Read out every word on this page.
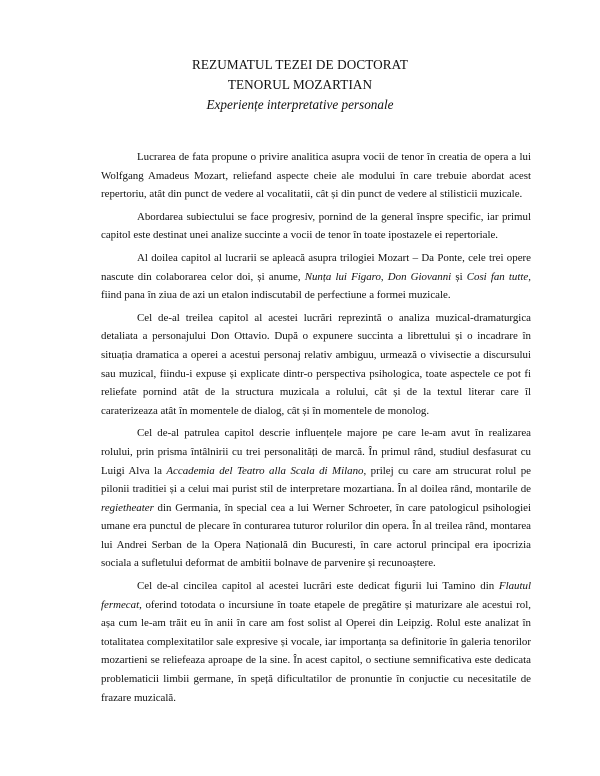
REZUMATUL TEZEI DE DOCTORAT
TENORUL MOZARTIAN
Experiențe interpretative personale

Lucrarea de fata propune o privire analitica asupra vocii de tenor în creatia de opera a lui Wolfgang Amadeus Mozart, reliefand aspecte cheie ale modului în care trebuie abordat acest repertoriu, atât din punct de vedere al vocalitatii, cât și din punct de vedere al stilisticii muzicale.

Abordarea subiectului se face progresiv, pornind de la general înspre specific, iar primul capitol este destinat unei analize succinte a vocii de tenor în toate ipostazele ei repertoriale.

Al doilea capitol al lucrarii se apleacă asupra trilogiei Mozart – Da Ponte, cele trei opere nascute din colaborarea celor doi, și anume, Nunța lui Figaro, Don Giovanni și Cosi fan tutte, fiind pana în ziua de azi un etalon indiscutabil de perfectiune a formei muzicale.

Cel de-al treilea capitol al acestei lucrări reprezintă o analiza muzical-dramaturgica detaliata a personajului Don Ottavio. După o expunere succinta a librettului și o incadrare în situația dramatica a operei a acestui personaj relativ ambiguu, urmează o vivisectie a discursului sau muzical, fiindu-i expuse și explicate dintr-o perspectiva psihologica, toate aspectele ce pot fi reliefate pornind atât de la structura muzicala a rolului, cât și de la textul literar care îl caraterizeaza atât în momentele de dialog, cât și în momentele de monolog.

Cel de-al patrulea capitol descrie influențele majore pe care le-am avut în realizarea rolului, prin prisma întâlnirii cu trei personalități de marcă. În primul rând, studiul desfasurat cu Luigi Alva la Accademia del Teatro alla Scala di Milano, prilej cu care am strucurat rolul pe pilonii traditiei și a celui mai purist stil de interpretare mozartiana. În al doilea rând, montarile de regietheater din Germania, în special cea a lui Werner Schroeter, în care patologicul psihologiei umane era punctul de plecare în conturarea tuturor rolurilor din opera. În al treilea rând, montarea lui Andrei Serban de la Opera Națională din Bucuresti, în care actorul principal era ipocrizia sociala a sufletului deformat de ambitii bolnave de parvenire și recunoaștere.

Cel de-al cincilea capitol al acestei lucrări este dedicat figurii lui Tamino din Flautul fermecat, oferind totodata o incursiune în toate etapele de pregătire și maturizare ale acestui rol, așa cum le-am trăit eu în anii în care am fost solist al Operei din Leipzig. Rolul este analizat în totalitatea complexitatilor sale expresive și vocale, iar importanța sa definitorie în galeria tenorilor mozartieni se reliefeaza aproape de la sine. În acest capitol, o sectiune semnificativa este dedicata problematicii limbii germane, în speță dificultatilor de pronuntie în conjuctie cu necesitatile de frazare muzicală.
